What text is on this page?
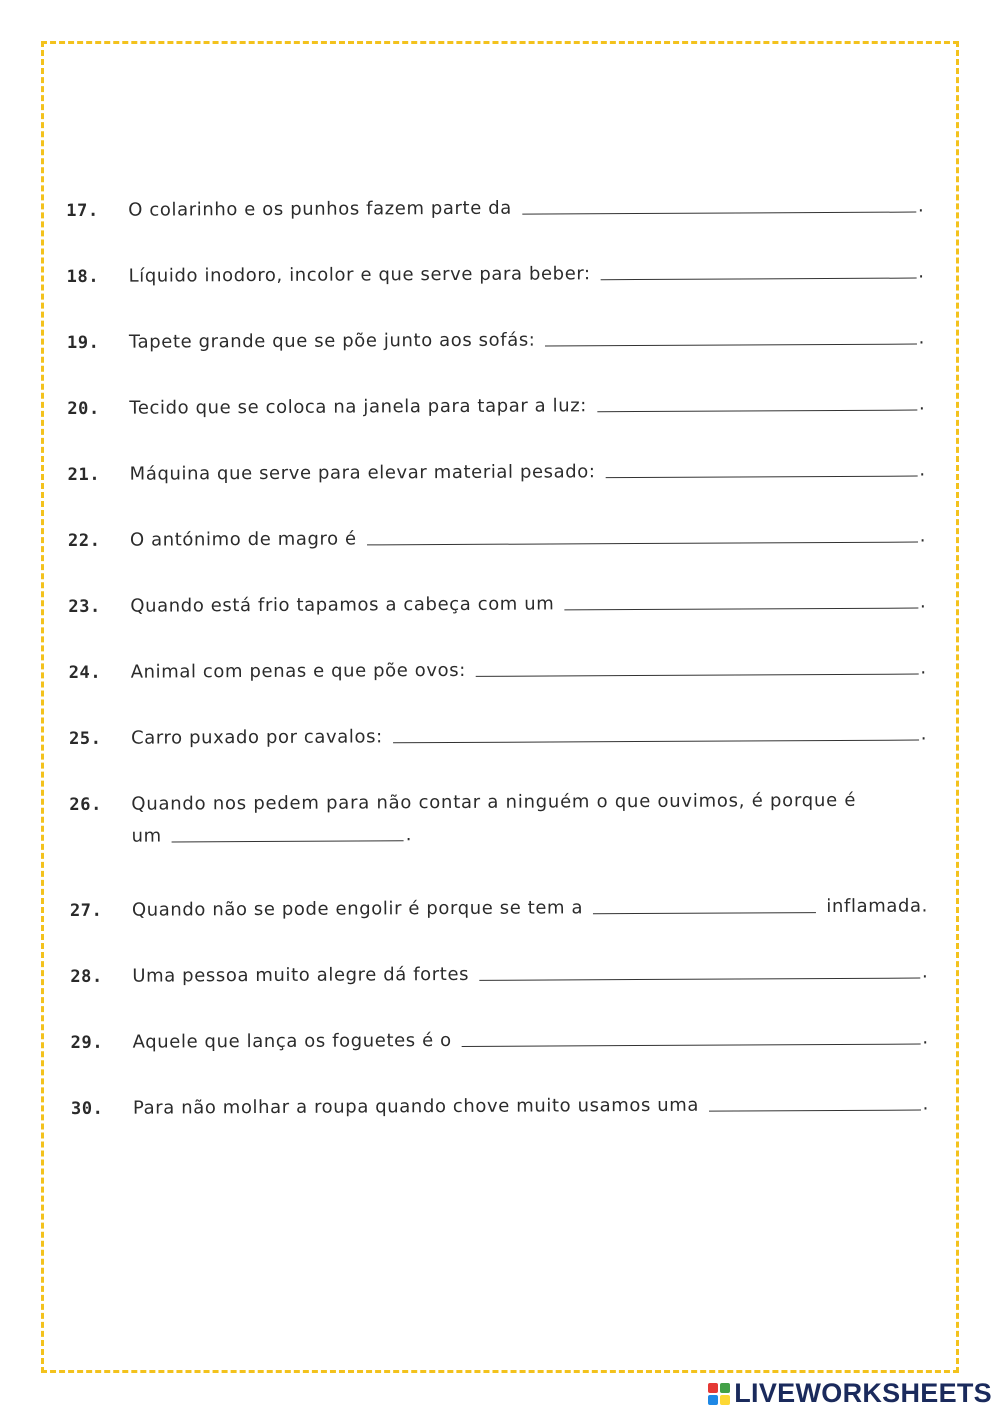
17.	O colarinho e os punhos fazem parte da	.
18.	Líquido inodoro, incolor e que serve para beber:	.
19.	Tapete grande que se põe junto aos sofás:	.
20.	Tecido que se coloca na janela para tapar a luz:	.
21.	Máquina que serve para elevar material pesado:	.
22.	O antónimo de magro é	.
23.	Quando está frio tapamos a cabeça com um	.
24.	Animal com penas e que põe ovos:	.
25.	Carro puxado por cavalos:	.
26.	Quando nos pedem para não contar a ninguém o que ouvimos, é porque é
um	.
27.	Quando não se pode engolir é porque se tem a	inflamada.
28.	Uma pessoa muito alegre dá fortes	.
29.	Aquele que lança os foguetes é o	.
30.	Para não molhar a roupa quando chove muito usamos uma	.
LIVEWORKSHEETS
